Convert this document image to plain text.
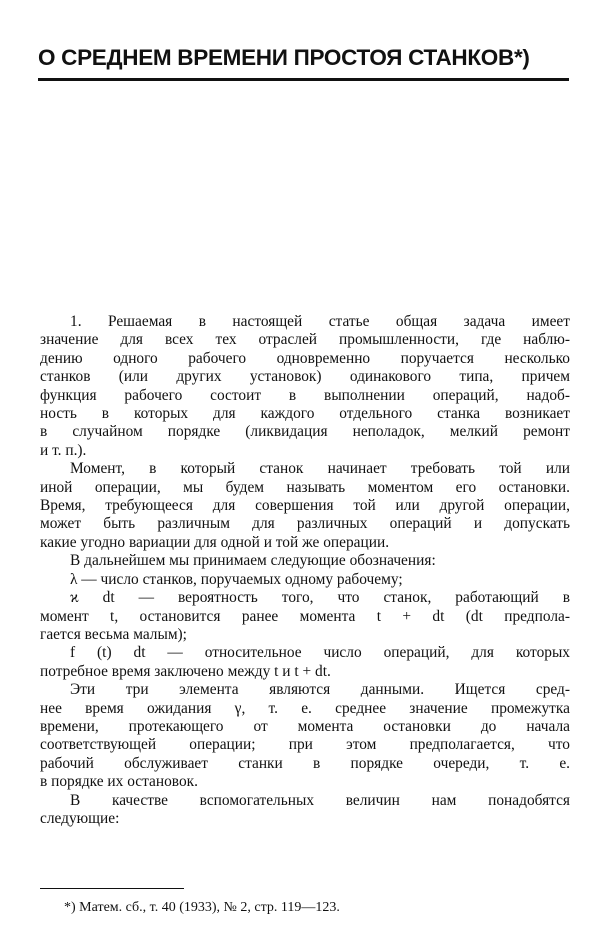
О СРЕДНЕМ ВРЕМЕНИ ПРОСТОЯ СТАНКОВ*)

1. Решаемая в настоящей статье общая задача имеет
значение для всех тех отраслей промышленности, где наблю-
дению одного рабочего одновременно поручается несколько
станков (или других установок) одинакового типа, причем
функция рабочего состоит в выполнении операций, надоб-
ность в которых для каждого отдельного станка возникает
в случайном порядке (ликвидация неполадок, мелкий ремонт
и т. п.).

Момент, в который станок начинает требовать той или
иной операции, мы будем называть моментом его остановки.
Время, требующееся для совершения той или другой операции,
может быть различным для различных операций и допускать
какие угодно вариации для одной и той же операции.

В дальнейшем мы принимаем следующие обозначения:

λ — число станков, поручаемых одному рабочему;

ϰ dt — вероятность того, что станок, работающий в
момент t, остановится ранее момента t + dt (dt предпола-
гается весьма малым);

f (t) dt — относительное число операций, для которых
потребное время заключено между t и t + dt.

Эти три элемента являются данными. Ищется сред-
нее время ожидания γ, т. е. среднее значение промежутка
времени, протекающего от момента остановки до начала
соответствующей операции; при этом предполагается, что
рабочий обслуживает станки в порядке очереди, т. е.
в порядке их остановок.

В качестве вспомогательных величин нам понадобятся
следующие:

*) Матем. сб., т. 40 (1933), № 2, стр. 119—123.
